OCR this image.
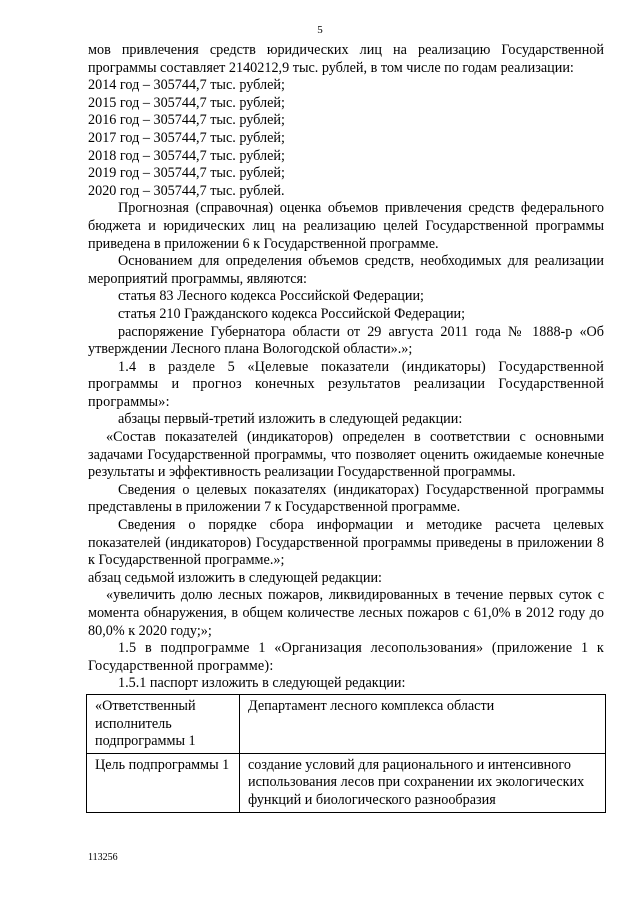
5

мов привлечения средств юридических лиц на реализацию Государственной программы составляет 2140212,9 тыс. рублей, в том числе по годам реализации:

2014 год – 305744,7 тыс. рублей;

2015 год – 305744,7 тыс. рублей;

2016 год – 305744,7 тыс. рублей;

2017 год – 305744,7 тыс. рублей;

2018 год – 305744,7 тыс. рублей;

2019 год – 305744,7 тыс. рублей;

2020 год – 305744,7 тыс. рублей.

Прогнозная (справочная) оценка объемов привлечения средств федерального бюджета и юридических лиц на реализацию целей Государственной программы приведена в приложении 6 к Государственной программе.

Основанием для определения объемов средств, необходимых для реализации мероприятий программы, являются:

статья 83 Лесного кодекса Российской Федерации;

статья 210 Гражданского кодекса Российской Федерации;

распоряжение Губернатора области от 29 августа 2011 года № 1888-р «Об утверждении Лесного плана Вологодской области».»;

1.4 в разделе 5 «Целевые показатели (индикаторы) Государственной программы и прогноз конечных результатов реализации Государственной программы»:

абзацы первый-третий изложить в следующей редакции:

«Состав показателей (индикаторов) определен в соответствии с основными задачами Государственной программы, что позволяет оценить ожидаемые конечные результаты и эффективность реализации Государственной программы.

Сведения о целевых показателях (индикаторах) Государственной программы представлены в приложении 7 к Государственной программе.

Сведения о порядке сбора информации и методике расчета целевых показателей (индикаторов) Государственной программы приведены в приложении 8 к Государственной программе.»;

абзац седьмой изложить в следующей редакции:

«увеличить долю лесных пожаров, ликвидированных в течение первых суток с момента обнаружения, в общем количестве лесных пожаров с 61,0% в 2012 году до 80,0% к 2020 году;»;

1.5 в подпрограмме 1 «Организация лесопользования» (приложение 1 к Государственной программе):

1.5.1 паспорт изложить в следующей редакции:

«Ответственный исполнитель подпрограммы 1	Департамент лесного комплекса области
Цель подпрограммы 1	создание условий для рационального и интенсивного использования лесов при сохранении их экологических функций и биологического разнообразия
113256
